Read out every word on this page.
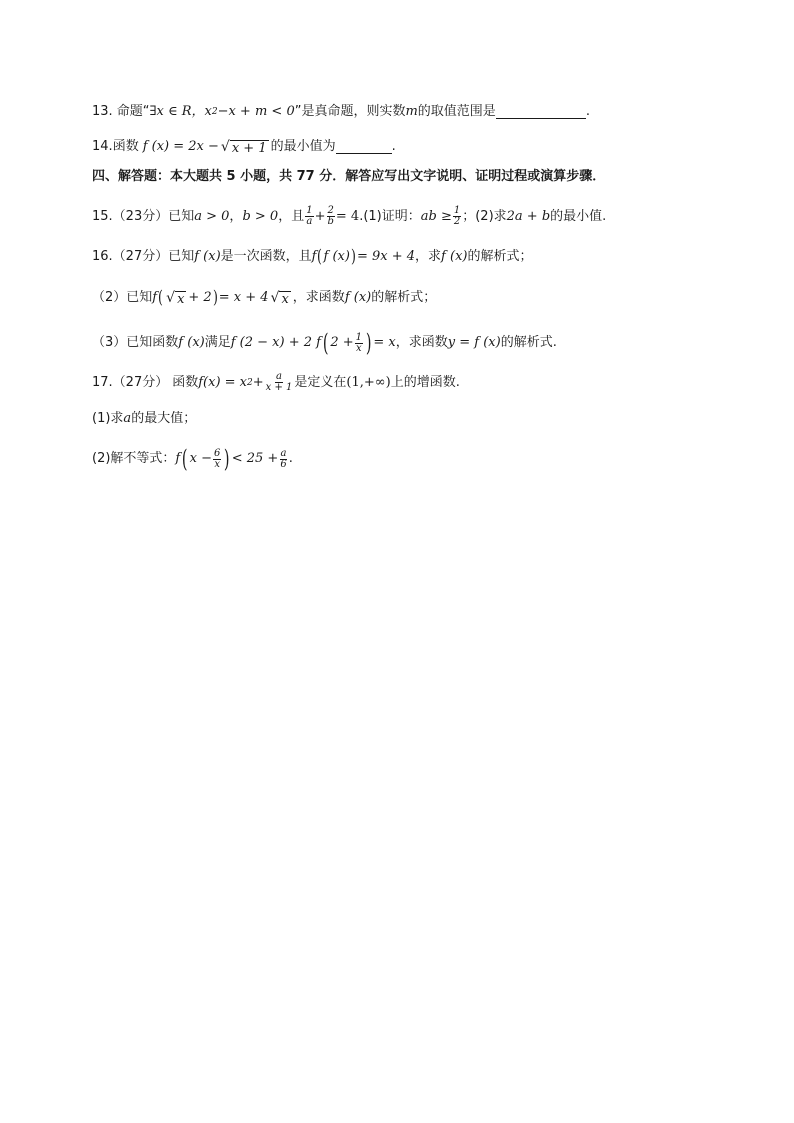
13. 命题“ ∃x ∈ R，x 2 −x + m < 0 ”是真命题，则实数 m 的取值范围是	.
14. 函数 f (x) = 2x − √ x + 1 的最小值为	.
四、解答题：本大题共 5 小题，共 77 分．解答应写出文字说明、证明过程或演算步骤．
15.（23分） 已知 a > 0 ， b > 0 ，且 $\frac{1}{a} + \frac{2}{b} = 4$ .(1)证明： ab ≥ $\frac{1}{2}$ ；(2)求 2a + b 的最小值.
16.（27分） 已知 f (x) 是一次函数，且 f ( f (x) ) = 9x + 4 ，求 f (x) 的解析式；
（2） 已知 f ( √ x + 2 ) = x + 4 √ x ，求函数 f (x) 的解析式；
（3） 已知函数 f (x) 满足 f (2 − x) + 2 f ( $2 + \frac{1}{x}$ ) = x ，求函数 y = f (x) 的解析式.
17.（27分） 函数 f(x) = x $2 + \frac{a}{x + 1}$ 是定义在 (1,+∞) 上的增函数.
(1)求 a 的最大值；
(2)解不等式： f ( $x - \frac{6}{x}$ ) < $25 + \frac{a}{6}$ .
